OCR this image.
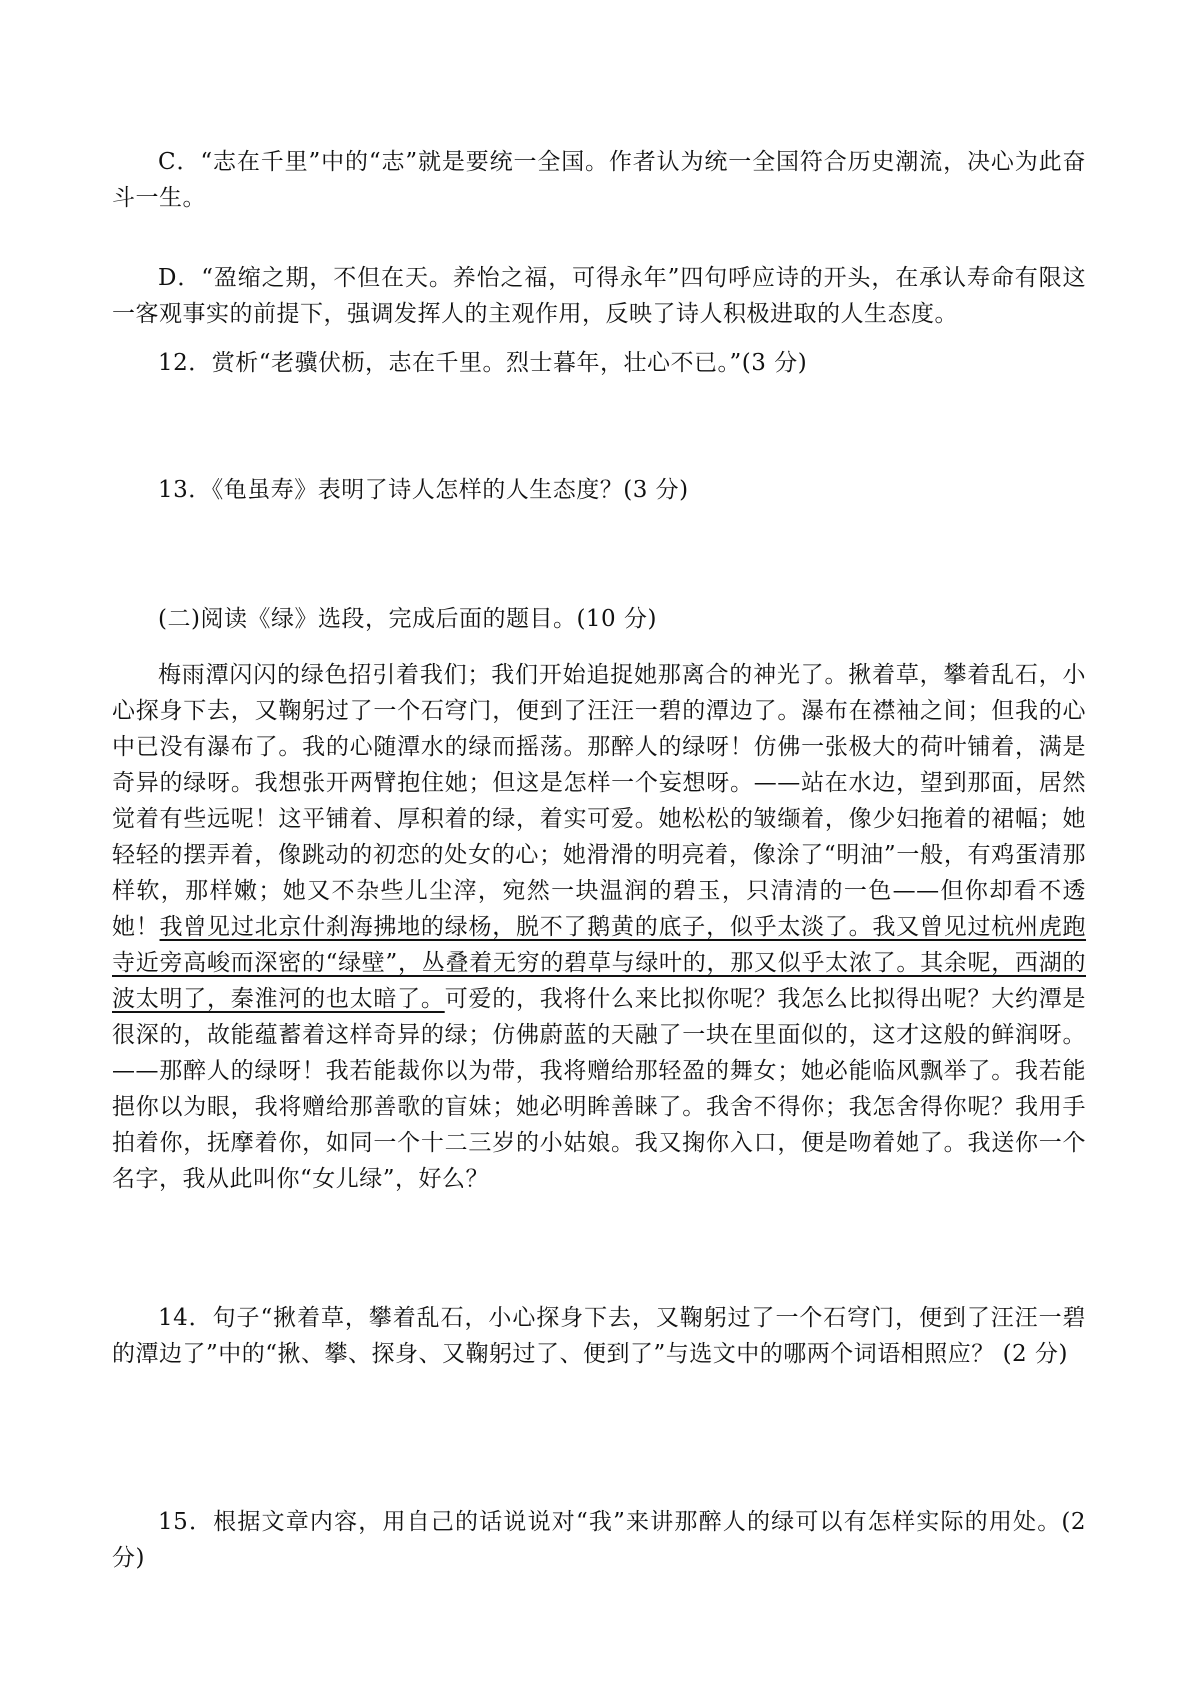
C．“志在千里”中的“志”就是要统一全国。作者认为统一全国符合历史潮流，决心为此奋斗一生。

D．“盈缩之期，不但在天。养怡之福，可得永年”四句呼应诗的开头，在承认寿命有限这一客观事实的前提下，强调发挥人的主观作用，反映了诗人积极进取的人生态度。

12．赏析“老骥伏枥，志在千里。烈士暮年，壮心不已。”(3 分)

13．《龟虽寿》表明了诗人怎样的人生态度？(3 分)

(二)阅读《绿》选段，完成后面的题目。(10 分)

梅雨潭闪闪的绿色招引着我们；我们开始追捉她那离合的神光了。揪着草，攀着乱石，小心探身下去，又鞠躬过了一个石穹门，便到了汪汪一碧的潭边了。瀑布在襟袖之间；但我的心中已没有瀑布了。我的心随潭水的绿而摇荡。那醉人的绿呀！仿佛一张极大的荷叶铺着，满是奇异的绿呀。我想张开两臂抱住她；但这是怎样一个妄想呀。——站在水边，望到那面，居然觉着有些远呢！这平铺着、厚积着的绿，着实可爱。她松松的皱缬着，像少妇拖着的裙幅；她轻轻的摆弄着，像跳动的初恋的处女的心；她滑滑的明亮着，像涂了“明油”一般，有鸡蛋清那样软，那样嫩；她又不杂些儿尘滓，宛然一块温润的碧玉，只清清的一色——但你却看不透她！我曾见过北京什刹海拂地的绿杨，脱不了鹅黄的底子，似乎太淡了。我又曾见过杭州虎跑寺近旁高峻而深密的“绿壁”，丛叠着无穷的碧草与绿叶的，那又似乎太浓了。其余呢，西湖的波太明了，秦淮河的也太暗了。可爱的，我将什么来比拟你呢？我怎么比拟得出呢？大约潭是很深的，故能蕴蓄着这样奇异的绿；仿佛蔚蓝的天融了一块在里面似的，这才这般的鲜润呀。——那醉人的绿呀！我若能裁你以为带，我将赠给那轻盈的舞女；她必能临风飘举了。我若能挹你以为眼，我将赠给那善歌的盲妹；她必明眸善睐了。我舍不得你；我怎舍得你呢？我用手拍着你，抚摩着你，如同一个十二三岁的小姑娘。我又掬你入口，便是吻着她了。我送你一个名字，我从此叫你“女儿绿”，好么？

14．句子“揪着草，攀着乱石，小心探身下去，又鞠躬过了一个石穹门，便到了汪汪一碧的潭边了”中的“揪、攀、探身、又鞠躬过了、便到了”与选文中的哪两个词语相照应？ (2 分)

15．根据文章内容，用自己的话说说对“我”来讲那醉人的绿可以有怎样实际的用处。(2 分)
